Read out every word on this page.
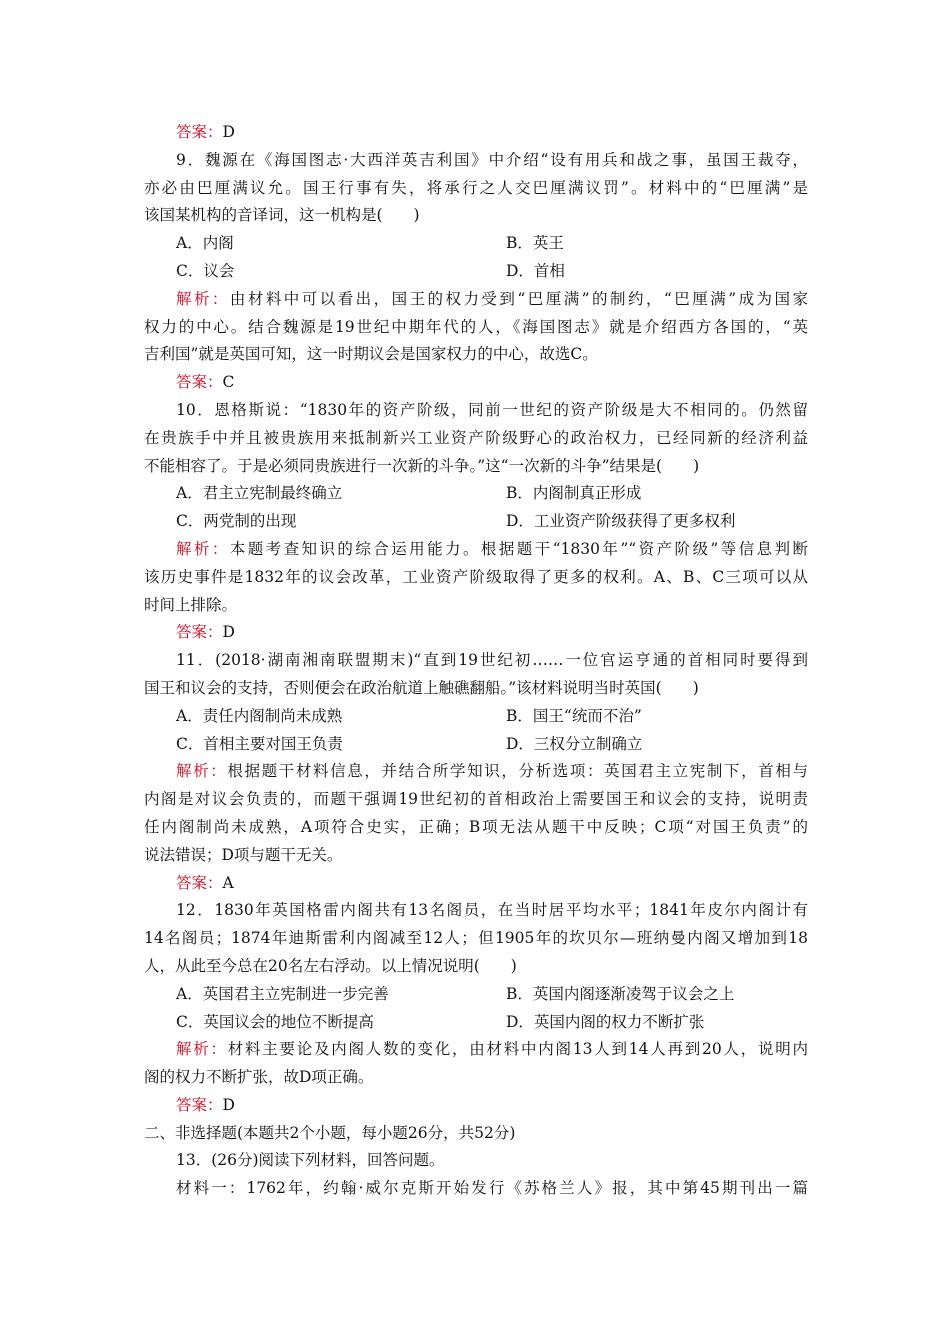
答案：D
9．魏源在《海国图志·大西洋英吉利国》中介绍“设有用兵和战之事，虽国王裁夺，
亦必由巴厘满议允。国王行事有失，将承行之人交巴厘满议罚”。材料中的“巴厘满”是
该国某机构的音译词，这一机构是(　　)
A．内阁	B．英王
C．议会	D．首相
解析：由材料中可以看出，国王的权力受到“巴厘满”的制约，“巴厘满”成为国家
权力的中心。结合魏源是19世纪中期年代的人，《海国图志》就是介绍西方各国的，“英
吉利国”就是英国可知，这一时期议会是国家权力的中心，故选C。
答案：C
10．恩格斯说：“1830年的资产阶级，同前一世纪的资产阶级是大不相同的。仍然留
在贵族手中并且被贵族用来抵制新兴工业资产阶级野心的政治权力，已经同新的经济利益
不能相容了。于是必须同贵族进行一次新的斗争。”这“一次新的斗争”结果是(　　)
A．君主立宪制最终确立	B．内阁制真正形成
C．两党制的出现	D．工业资产阶级获得了更多权利
解析：本题考查知识的综合运用能力。根据题干“1830年”“资产阶级”等信息判断
该历史事件是1832年的议会改革，工业资产阶级取得了更多的权利。A、B、C三项可以从
时间上排除。
答案：D
11．(2018·湖南湘南联盟期末)“直到19世纪初……一位官运亨通的首相同时要得到
国王和议会的支持，否则便会在政治航道上触礁翻船。”该材料说明当时英国(　　)
A．责任内阁制尚未成熟	B．国王“统而不治”
C．首相主要对国王负责	D．三权分立制确立
解析：根据题干材料信息，并结合所学知识，分析选项：英国君主立宪制下，首相与
内阁是对议会负责的，而题干强调19世纪初的首相政治上需要国王和议会的支持，说明责
任内阁制尚未成熟，A项符合史实，正确；B项无法从题干中反映；C项“对国王负责”的
说法错误；D项与题干无关。
答案：A
12．1830年英国格雷内阁共有13名阁员，在当时居平均水平；1841年皮尔内阁计有
14名阁员；1874年迪斯雷利内阁减至12人；但1905年的坎贝尔—班纳曼内阁又增加到18
人，从此至今总在20名左右浮动。以上情况说明(　　)
A．英国君主立宪制进一步完善	B．英国内阁逐渐凌驾于议会之上
C．英国议会的地位不断提高	D．英国内阁的权力不断扩张
解析：材料主要论及内阁人数的变化，由材料中内阁13人到14人再到20人，说明内
阁的权力不断扩张，故D项正确。
答案：D
二、非选择题(本题共2个小题，每小题26分，共52分)
13．(26分)阅读下列材料，回答问题。
材料一：1762年，约翰·威尔克斯开始发行《苏格兰人》报，其中第45期刊出一篇
